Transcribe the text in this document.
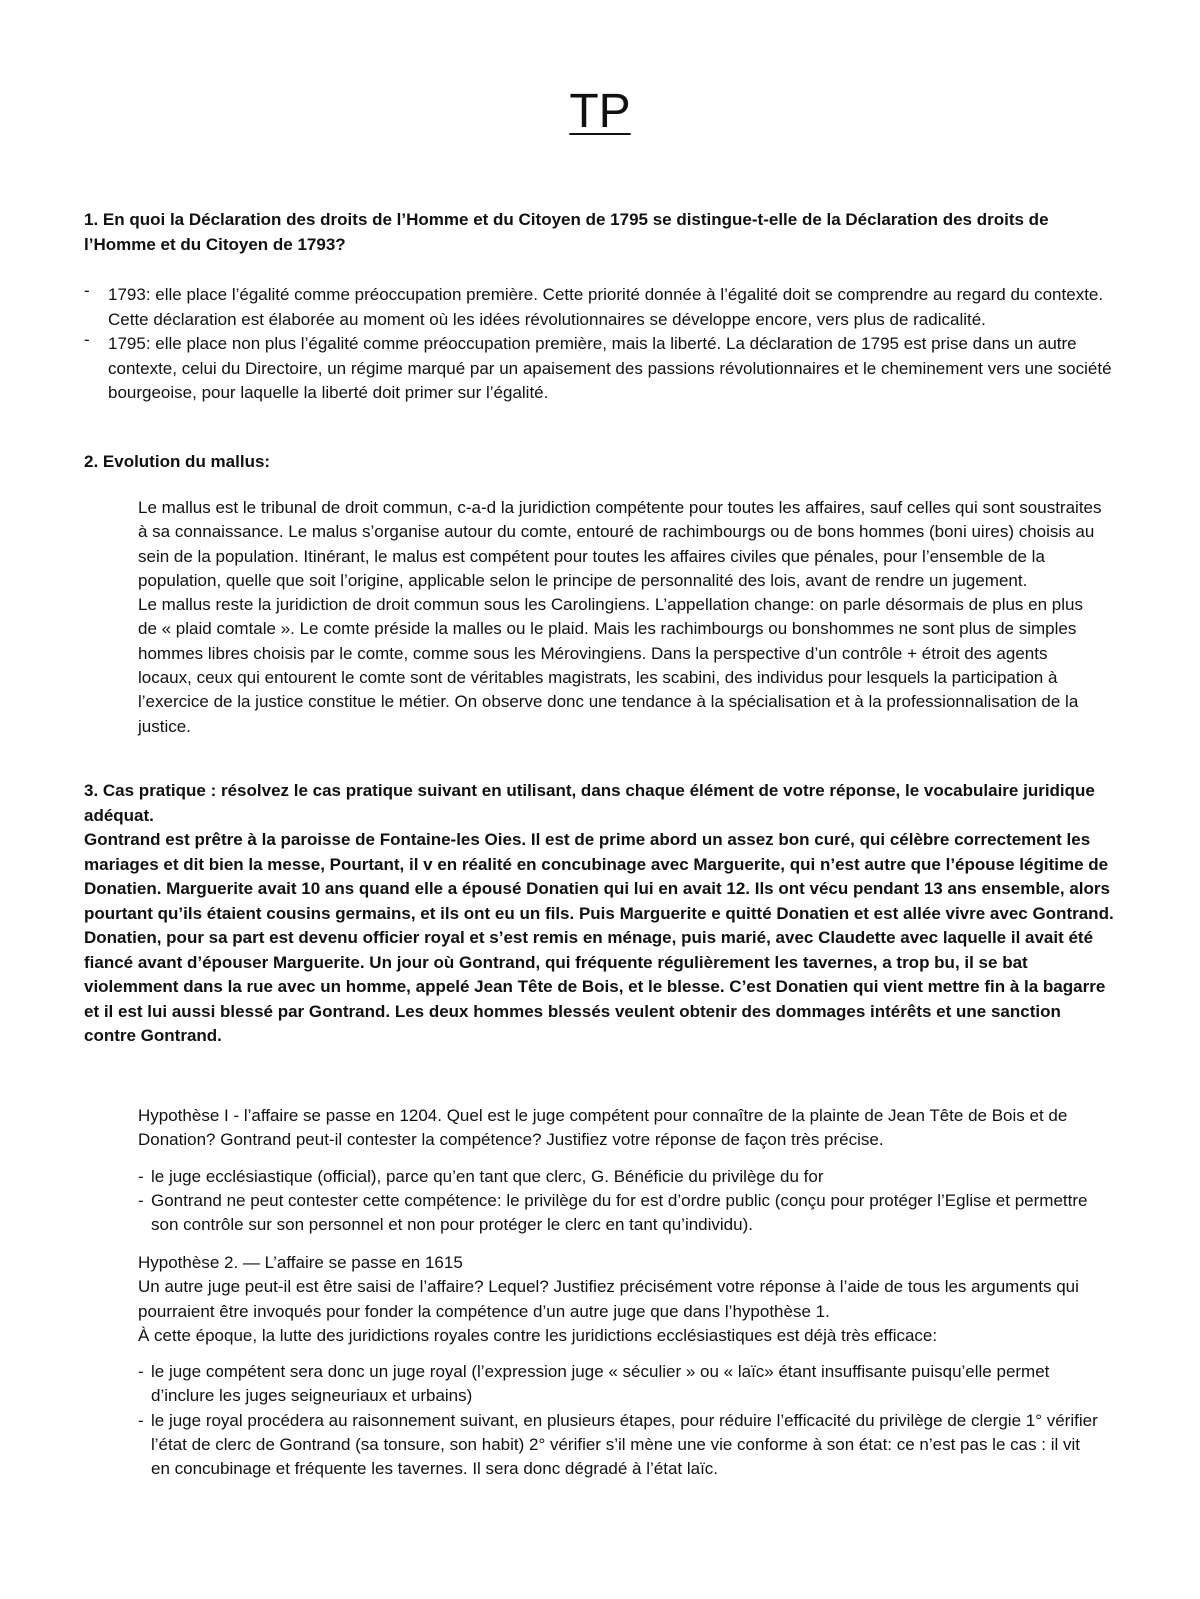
TP
1. En quoi la Déclaration des droits de l’Homme et du Citoyen de 1795 se distingue-t-elle de la Déclaration des droits de l’Homme et du Citoyen de 1793?

- 1793: elle place l’égalité comme préoccupation première. Cette priorité donnée à l’égalité doit se comprendre au regard du contexte. Cette déclaration est élaborée au moment où les idées révolutionnaires se développe encore, vers plus de radicalité.

- 1795: elle place non plus l’égalité comme préoccupation première, mais la liberté. La déclaration de 1795 est prise dans un autre contexte, celui du Directoire, un régime marqué par un apaisement des passions révolutionnaires et le cheminement vers une société bourgeoise, pour laquelle la liberté doit primer sur l’égalité.

2. Evolution du mallus:

Le mallus est le tribunal de droit commun, c-a-d la juridiction compétente pour toutes les affaires, sauf celles qui sont soustraites à sa connaissance. Le malus s’organise autour du comte, entouré de rachimbourgs ou de bons hommes (boni uires) choisis au sein de la population. Itinérant, le malus est compétent pour toutes les affaires civiles que pénales, pour l’ensemble de la population, quelle que soit l’origine, applicable selon le principe de personnalité des lois, avant de rendre un jugement.

Le mallus reste la juridiction de droit commun sous les Carolingiens. L’appellation change: on parle désormais de plus en plus de « plaid comtale ». Le comte préside la malles ou le plaid. Mais les rachimbourgs ou bonshommes ne sont plus de simples hommes libres choisis par le comte, comme sous les Mérovingiens. Dans la perspective d’un contrôle + étroit des agents locaux, ceux qui entourent le comte sont de véritables magistrats, les scabini, des individus pour lesquels la participation à l’exercice de la justice constitue le métier. On observe donc une tendance à la spécialisation et à la professionnalisation de la justice.

3. Cas pratique : résolvez le cas pratique suivant en utilisant, dans chaque élément de votre réponse, le vocabulaire juridique adéquat.

Gontrand est prêtre à la paroisse de Fontaine-les Oies. Il est de prime abord un assez bon curé, qui célèbre correctement les mariages et dit bien la messe, Pourtant, il v en réalité en concubinage avec Marguerite, qui n’est autre que l’épouse légitime de Donatien. Marguerite avait 10 ans quand elle a épousé Donatien qui lui en avait 12. Ils ont vécu pendant 13 ans ensemble, alors pourtant qu’ils étaient cousins germains, et ils ont eu un fils. Puis Marguerite e quitté Donatien et est allée vivre avec Gontrand. Donatien, pour sa part est devenu officier royal et s’est remis en ménage, puis marié, avec Claudette avec laquelle il avait été fiancé avant d’épouser Marguerite. Un jour où Gontrand, qui fréquente régulièrement les tavernes, a trop bu, il se bat violemment dans la rue avec un homme, appelé Jean Tête de Bois, et le blesse. C’est Donatien qui vient mettre fin à la bagarre et il est lui aussi blessé par Gontrand. Les deux hommes blessés veulent obtenir des dommages intérêts et une sanction contre Gontrand.

Hypothèse I - l’affaire se passe en 1204. Quel est le juge compétent pour connaître de la plainte de Jean Tête de Bois et de Donation? Gontrand peut-il contester la compétence? Justifiez votre réponse de façon très précise.

- le juge ecclésiastique (official), parce qu’en tant que clerc, G. Bénéficie du privilège du for

- Gontrand ne peut contester cette compétence: le privilège du for est d’ordre public (conçu pour protéger l’Eglise et permettre son contrôle sur son personnel et non pour protéger le clerc en tant qu’individu).

Hypothèse 2. — L’affaire se passe en 1615

Un autre juge peut-il est être saisi de l’affaire? Lequel? Justifiez précisément votre réponse à l’aide de tous les arguments qui pourraient être invoqués pour fonder la compétence d’un autre juge que dans l’hypothèse 1.

À cette époque, la lutte des juridictions royales contre les juridictions ecclésiastiques est déjà très efficace:

- le juge compétent sera donc un juge royal (l’expression juge « séculier » ou « laïc» étant insuffisante puisqu’elle permet d’inclure les juges seigneuriaux et urbains)

- le juge royal procédera au raisonnement suivant, en plusieurs étapes, pour réduire l’efficacité du privilège de clergie 1° vérifier l’état de clerc de Gontrand (sa tonsure, son habit) 2° vérifier s’il mène une vie conforme à son état: ce n’est pas le cas : il vit en concubinage et fréquente les tavernes. Il sera donc dégradé à l’état laïc.
